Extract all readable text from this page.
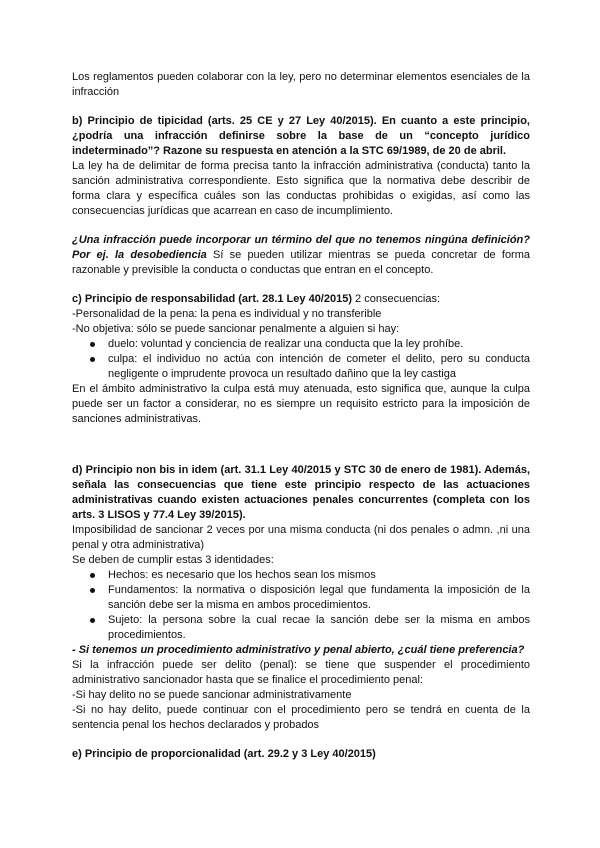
Los reglamentos pueden colaborar con la ley, pero no determinar elementos esenciales de la infracción

b) Principio de tipicidad (arts. 25 CE y 27 Ley 40/2015). En cuanto a este principio, ¿podría una infracción definirse sobre la base de un “concepto jurídico indeterminado”? Razone su respuesta en atención a la STC 69/1989, de 20 de abril.

La ley ha de delimitar de forma precisa tanto la infracción administrativa (conducta) tanto la sanción administrativa correspondiente. Esto significa que la normativa debe describir de forma clara y específica cuáles son las conductas prohibidas o exigidas, así como las consecuencias jurídicas que acarrean en caso de incumplimiento.

¿Una infracción puede incorporar un término del que no tenemos ningúna definición? Por ej. la desobediencia Sí se pueden utilizar mientras se pueda concretar de forma razonable y previsible la conducta o conductas que entran en el concepto.

c) Principio de responsabilidad (art. 28.1 Ley 40/2015) 2 consecuencias:

-Personalidad de la pena: la pena es individual y no transferible

-No objetiva: sólo se puede sancionar penalmente a alguien si hay:

duelo: voluntad y conciencia de realizar una conducta que la ley prohíbe.
culpa: el individuo no actúa con intención de cometer el delito, pero su conducta negligente o imprudente provoca un resultado dañino que la ley castiga

En el ámbito administrativo la culpa está muy atenuada, esto significa que, aunque la culpa puede ser un factor a considerar, no es siempre un requisito estricto para la imposición de sanciones administrativas.

d) Principio non bis in idem (art. 31.1 Ley 40/2015 y STC 30 de enero de 1981). Además, señala las consecuencias que tiene este principio respecto de las actuaciones administrativas cuando existen actuaciones penales concurrentes (completa con los arts. 3 LISOS y 77.4 Ley 39/2015).

Imposibilidad de sancionar 2 veces por una misma conducta (ni dos penales o admn. ,ni una penal y otra administrativa)

Se deben de cumplir estas 3 identidades:

Hechos: es necesario que los hechos sean los mismos
Fundamentos: la normativa o disposición legal que fundamenta la imposición de la sanción debe ser la misma en ambos procedimientos.
Sujeto: la persona sobre la cual recae la sanción debe ser la misma en ambos procedimientos.

- Si tenemos un procedimiento administrativo y penal abierto, ¿cuál tiene preferencia?

Si la infracción puede ser delito (penal): se tiene que suspender el procedimiento administrativo sancionador hasta que se finalice el procedimiento penal:

-Si hay delito no se puede sancionar administrativamente

-Si no hay delito, puede continuar con el procedimiento pero se tendrá en cuenta de la sentencia penal los hechos declarados y probados

e) Principio de proporcionalidad (art. 29.2 y 3 Ley 40/2015)
